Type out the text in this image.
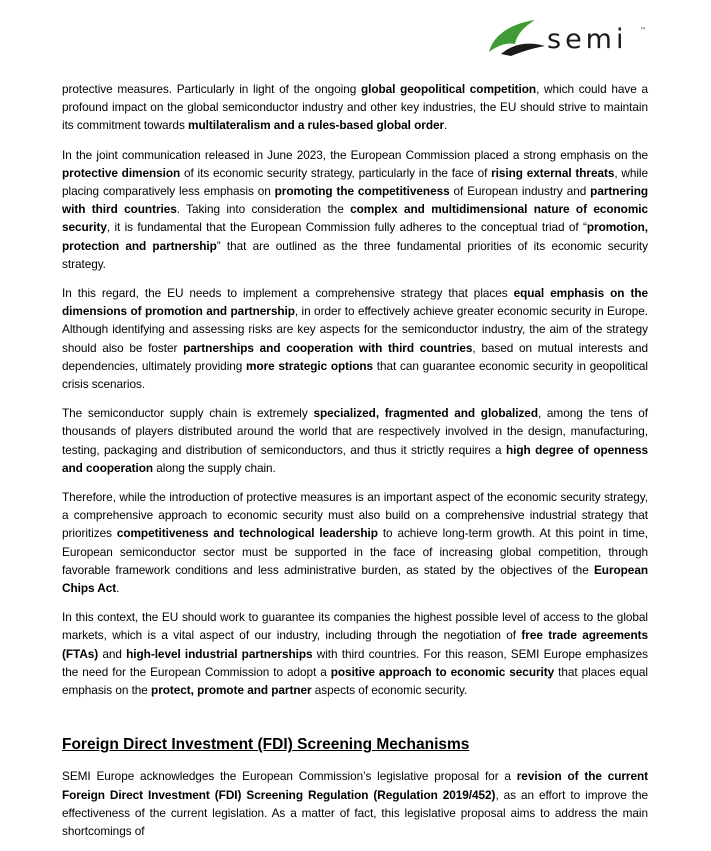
semi ™

protective measures. Particularly in light of the ongoing global geopolitical competition, which could have a profound impact on the global semiconductor industry and other key industries, the EU should strive to maintain its commitment towards multilateralism and a rules-based global order.

In the joint communication released in June 2023, the European Commission placed a strong emphasis on the protective dimension of its economic security strategy, particularly in the face of rising external threats, while placing comparatively less emphasis on promoting the competitiveness of European industry and partnering with third countries. Taking into consideration the complex and multidimensional nature of economic security, it is fundamental that the European Commission fully adheres to the conceptual triad of “promotion, protection and partnership” that are outlined as the three fundamental priorities of its economic security strategy.

In this regard, the EU needs to implement a comprehensive strategy that places equal emphasis on the dimensions of promotion and partnership, in order to effectively achieve greater economic security in Europe. Although identifying and assessing risks are key aspects for the semiconductor industry, the aim of the strategy should also be foster partnerships and cooperation with third countries, based on mutual interests and dependencies, ultimately providing more strategic options that can guarantee economic security in geopolitical crisis scenarios.

The semiconductor supply chain is extremely specialized, fragmented and globalized, among the tens of thousands of players distributed around the world that are respectively involved in the design, manufacturing, testing, packaging and distribution of semiconductors, and thus it strictly requires a high degree of openness and cooperation along the supply chain.

Therefore, while the introduction of protective measures is an important aspect of the economic security strategy, a comprehensive approach to economic security must also build on a comprehensive industrial strategy that prioritizes competitiveness and technological leadership to achieve long-term growth. At this point in time, European semiconductor sector must be supported in the face of increasing global competition, through favorable framework conditions and less administrative burden, as stated by the objectives of the European Chips Act.

In this context, the EU should work to guarantee its companies the highest possible level of access to the global markets, which is a vital aspect of our industry, including through the negotiation of free trade agreements (FTAs) and high-level industrial partnerships with third countries. For this reason, SEMI Europe emphasizes the need for the European Commission to adopt a positive approach to economic security that places equal emphasis on the protect, promote and partner aspects of economic security.

Foreign Direct Investment (FDI) Screening Mechanisms

SEMI Europe acknowledges the European Commission’s legislative proposal for a revision of the current Foreign Direct Investment (FDI) Screening Regulation (Regulation 2019/452), as an effort to improve the effectiveness of the current legislation. As a matter of fact, this legislative proposal aims to address the main shortcomings of
